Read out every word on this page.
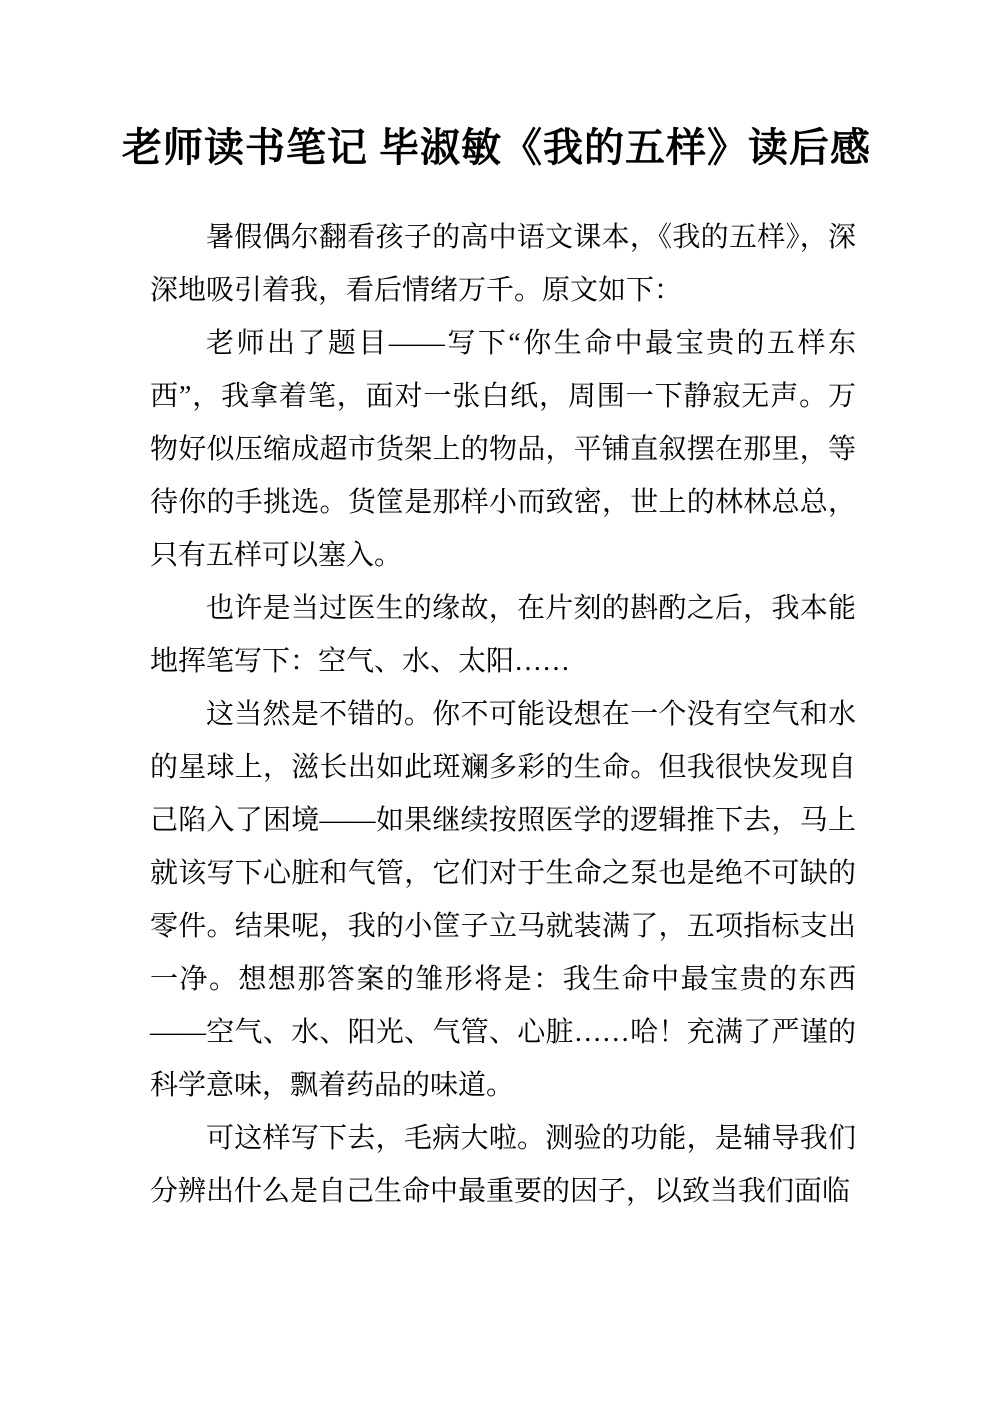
老师读书笔记 毕淑敏《我的五样》读后感

暑假偶尔翻看孩子的高中语文课本，《我的五样》，深深地吸引着我，看后情绪万千。原文如下：

老师出了题目——写下“你生命中最宝贵的五样东西”，我拿着笔，面对一张白纸，周围一下静寂无声。万物好似压缩成超市货架上的物品，平铺直叙摆在那里，等待你的手挑选。货筐是那样小而致密，世上的林林总总，只有五样可以塞入。

也许是当过医生的缘故，在片刻的斟酌之后，我本能地挥笔写下：空气、水、太阳……

这当然是不错的。你不可能设想在一个没有空气和水的星球上，滋长出如此斑斓多彩的生命。但我很快发现自己陷入了困境——如果继续按照医学的逻辑推下去，马上就该写下心脏和气管，它们对于生命之泵也是绝不可缺的零件。结果呢，我的小筐子立马就装满了，五项指标支出一净。想想那答案的雏形将是：我生命中最宝贵的东西——空气、水、阳光、气管、心脏……哈！充满了严谨的科学意味，飘着药品的味道。

可这样写下去，毛病大啦。测验的功能，是辅导我们分辨出什么是自己生命中最重要的因子，以致当我们面临
